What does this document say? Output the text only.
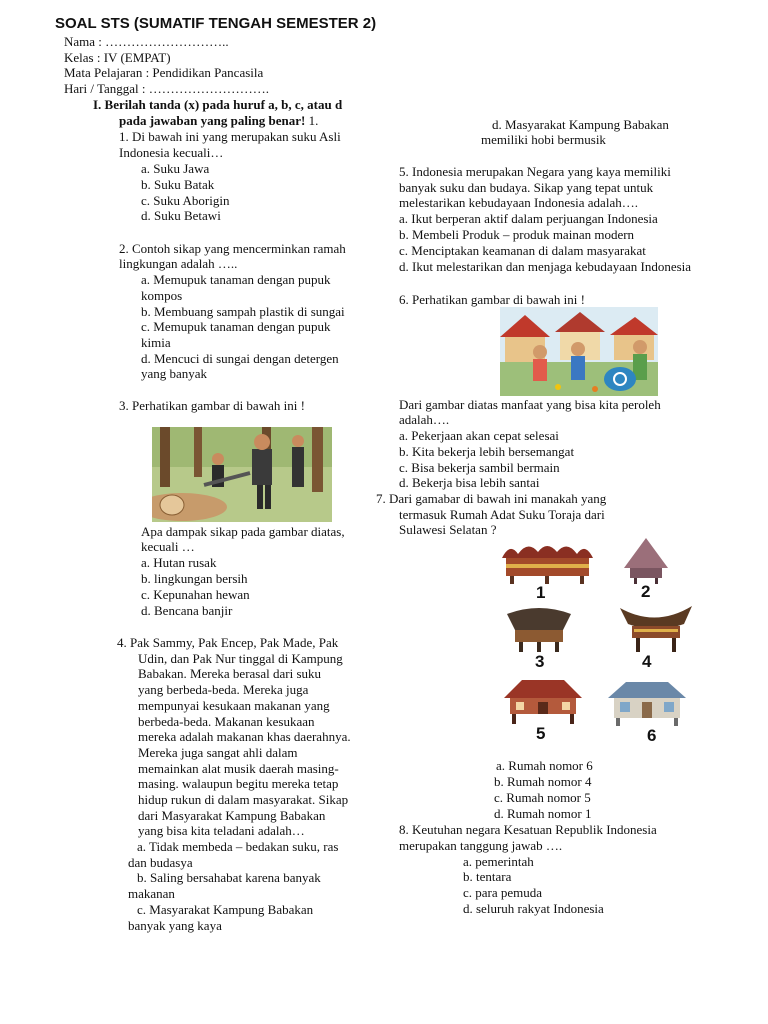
SOAL STS (SUMATIF TENGAH SEMESTER 2)
Nama : ………………………..
Kelas : IV (EMPAT)
Mata Pelajaran : Pendidikan Pancasila
Hari / Tanggal : ……………………….
I. Berilah tanda (x) pada huruf a, b, c, atau d
pada jawaban yang paling benar! 1.
1. Di bawah ini yang merupakan suku Asli
Indonesia kecuali…
a. Suku Jawa
b. Suku Batak
c. Suku Aborigin
d. Suku Betawi
2. Contoh sikap yang mencerminkan ramah
lingkungan adalah …..
a. Memupuk tanaman dengan pupuk
kompos
b. Membuang sampah plastik di sungai
c. Memupuk tanaman dengan pupuk
kimia
d. Mencuci di sungai dengan detergen
yang banyak
3. Perhatikan gambar di bawah ini !
Apa dampak sikap pada gambar diatas,
kecuali …
a. Hutan rusak
b. lingkungan bersih
c. Kepunahan hewan
d. Bencana banjir
4. Pak Sammy, Pak Encep, Pak Made, Pak
Udin, dan Pak Nur tinggal di Kampung
Babakan. Mereka berasal dari suku
yang berbeda-beda. Mereka juga
mempunyai kesukaan makanan yang
berbeda-beda. Makanan kesukaan
mereka adalah makanan khas daerahnya.
Mereka juga sangat ahli dalam
memainkan alat musik daerah masing-
masing. walaupun begitu mereka tetap
hidup rukun di dalam masyarakat. Sikap
dari Masyarakat Kampung Babakan
yang bisa kita teladani adalah…
a. Tidak membeda – bedakan suku, ras
dan budasya
b. Saling bersahabat karena banyak
makanan
c. Masyarakat Kampung Babakan
banyak yang kaya
d. Masyarakat Kampung Babakan
memiliki hobi bermusik
5. Indonesia merupakan Negara yang kaya memiliki
banyak suku dan budaya. Sikap yang tepat untuk
melestarikan kebudayaan Indonesia adalah….
a. Ikut berperan aktif dalam perjuangan Indonesia
b. Membeli Produk – produk mainan modern
c. Menciptakan keamanan di dalam masyarakat
d. Ikut melestarikan dan menjaga kebudayaan Indonesia
6. Perhatikan gambar di bawah ini !
Dari gambar diatas manfaat yang bisa kita peroleh
adalah….
a. Pekerjaan akan cepat selesai
b. Kita bekerja lebih bersemangat
c. Bisa bekerja sambil bermain
d. Bekerja bisa lebih santai
7. Dari gamabar di bawah ini manakah yang
termasuk Rumah Adat Suku Toraja dari
Sulawesi Selatan ?
1	2
3	4
5	6
a. Rumah nomor 6
b. Rumah nomor 4
c. Rumah nomor 5
d. Rumah nomor 1
8. Keutuhan negara Kesatuan Republik Indonesia
merupakan tanggung jawab ….
a. pemerintah
b. tentara
c. para pemuda
d. seluruh rakyat Indonesia
